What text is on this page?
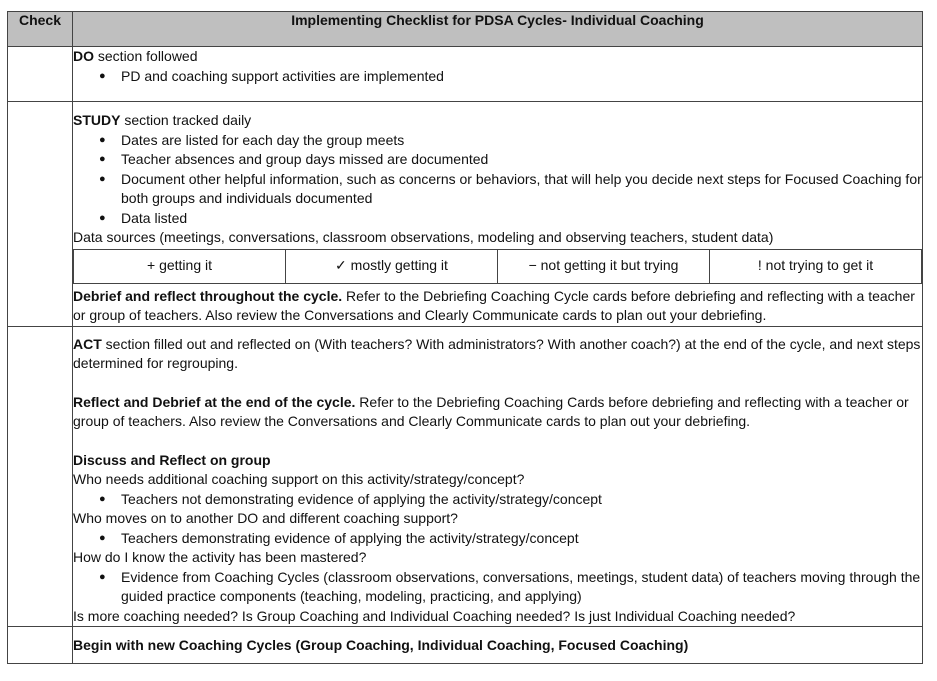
Check	Implementing Checklist for PDSA Cycles- Individual Coaching

DO section followed
● PD and coaching support activities are implemented

STUDY section tracked daily
● Dates are listed for each day the group meets
● Teacher absences and group days missed are documented
● Document other helpful information, such as concerns or behaviors, that will help you decide next steps for Focused Coaching for both groups and individuals documented
● Data listed
Data sources (meetings, conversations, classroom observations, modeling and observing teachers, student data)
+ getting it	✓ mostly getting it	− not getting it but trying	! not trying to get it
Debrief and reflect throughout the cycle. Refer to the Debriefing Coaching Cycle cards before debriefing and reflecting with a teacher or group of teachers. Also review the Conversations and Clearly Communicate cards to plan out your debriefing.

ACT section filled out and reflected on (With teachers? With administrators? With another coach?) at the end of the cycle, and next steps determined for regrouping.
Reflect and Debrief at the end of the cycle. Refer to the Debriefing Coaching Cards before debriefing and reflecting with a teacher or group of teachers. Also review the Conversations and Clearly Communicate cards to plan out your debriefing.
Discuss and Reflect on group
Who needs additional coaching support on this activity/strategy/concept?
● Teachers not demonstrating evidence of applying the activity/strategy/concept
Who moves on to another DO and different coaching support?
● Teachers demonstrating evidence of applying the activity/strategy/concept
How do I know the activity has been mastered?
● Evidence from Coaching Cycles (classroom observations, conversations, meetings, student data) of teachers moving through the guided practice components (teaching, modeling, practicing, and applying)
Is more coaching needed? Is Group Coaching and Individual Coaching needed? Is just Individual Coaching needed?

	Begin with new Coaching Cycles (Group Coaching, Individual Coaching, Focused Coaching)
